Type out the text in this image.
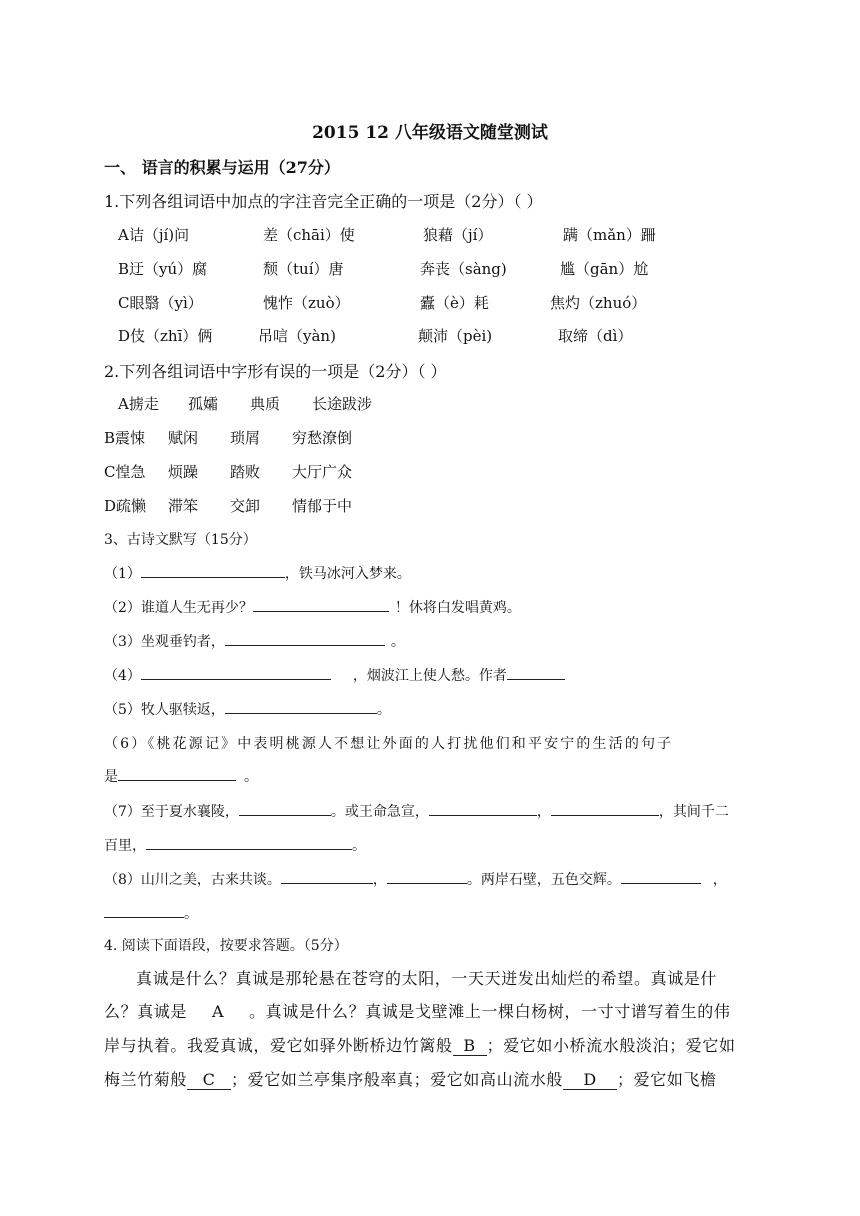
2015 12 八年级语文随堂测试
一、 语言的积累与运用（27分）
1.下列各组词语中加点的字注音完全正确的一项是（2分）（ ）
A诘（jí)问	差（chāi）使	狼藉（jí）	蹒（mǎn）跚
B迂（yú）腐	颓（tuí）唐	奔丧（sàng)	尴（gān）尬
C眼翳（yì）	愧怍（zuò）	蠹（è）耗	焦灼（zhuó）
D伎（zhī）俩	吊唁（yàn)	颠沛（pèi)	取缔（dì）
2.下列各组词语中字形有误的一项是（2分）（ ）
A掳走 孤孀 典质 长途跋涉
B震悚 赋闲 琐屑 穷愁潦倒
C惶急 烦躁 踏败 大厅广众
D疏懒 滞笨 交卸 情郁于中
3、古诗文默写（15分）
（1）	，铁马冰河入梦来。
（2）谁道人生无再少？	！休将白发唱黄鸡。
（3）坐观垂钓者，	。
（4）	，烟波江上使人愁。作者
（5）牧人驱犊返，	。
（6）《桃花源记》中表明桃源人不想让外面的人打扰他们和平安宁的生活的句子
是	。
（7）至于夏水襄陵，	。或王命急宣，	，	，其间千二
百里，	。
（8）山川之美，古来共谈。	，	。两岸石壁，五色交辉。	，
。
4. 阅读下面语段，按要求答题。（5分）
真诚是什么？真诚是那轮悬在苍穹的太阳，一天天迸发出灿烂的希望。真诚是什
么？真诚是 A 。真诚是什么？真诚是戈壁滩上一棵白杨树，一寸寸谱写着生的伟
岸与执着。我爱真诚，爱它如驿外断桥边竹篱般 B ；爱它如小桥流水般淡泊；爱它如
梅兰竹菊般 C ；爱它如兰亭集序般率真；爱它如高山流水般 D ；爱它如飞檐
